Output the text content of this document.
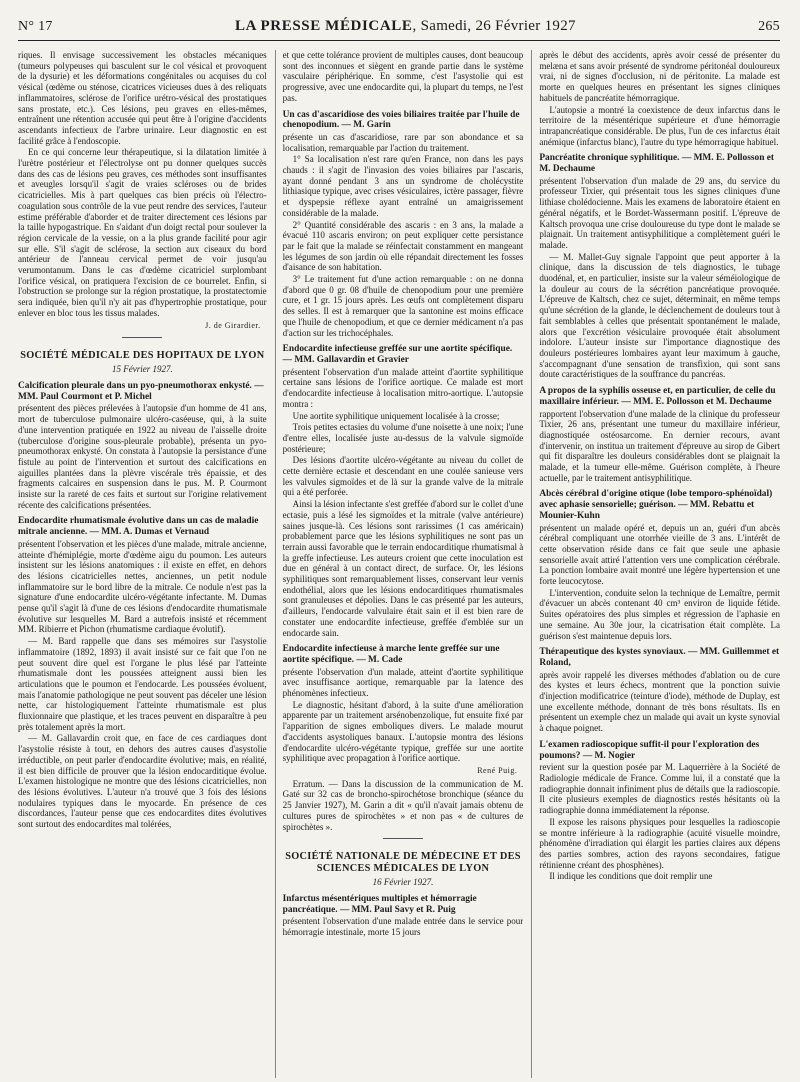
N° 17	LA PRESSE MÉDICALE, Samedi, 26 Février 1927	265

riques. Il envisage successivement les obstacles mécaniques (tumeurs polypeuses qui basculent sur le col vésical et provoquent de la dysurie) et les déformations congénitales ou acquises du col vésical (œdème ou sténose, cicatrices vicieuses dues à des reliquats inflammatoires, sclérose de l'orifice urétro-vésical des prostatiques sans prostate, etc.). Ces lésions, peu graves en elles-mêmes, entraînent une rétention accusée qui peut être à l'origine d'accidents ascendants infectieux de l'arbre urinaire. Leur diagnostic en est facilité grâce à l'endoscopie.

En ce qui concerne leur thérapeutique, si la dilatation limitée à l'urètre postérieur et l'électrolyse ont pu donner quelques succès dans des cas de lésions peu graves, ces méthodes sont insuffisantes et aveugles lorsqu'il s'agit de vraies scléroses ou de brides cicatricielles. Mis à part quelques cas bien précis où l'électro-coagulation sous contrôle de la vue peut rendre des services, l'auteur estime préférable d'aborder et de traiter directement ces lésions par la taille hypogastrique. En s'aidant d'un doigt rectal pour soulever la région cervicale de la vessie, on a la plus grande facilité pour agir sur elle. S'il s'agit de sclérose, la section aux ciseaux du bord antérieur de l'anneau cervical permet de voir jusqu'au verumontanum. Dans le cas d'œdème cicatriciel surplombant l'orifice vésical, on pratiquera l'excision de ce bourrelet. Enfin, si l'obstruction se prolonge sur la région prostatique, la prostatectomie sera indiquée, bien qu'il n'y ait pas d'hypertrophie prostatique, pour enlever en bloc tous les tissus malades.

J. de Girardier.
SOCIÉTÉ MÉDICALE DES HOPITAUX DE LYON
15 Février 1927.
Calcification pleurale dans un pyo-pneumothorax enkysté. — MM. Paul Courmont et P. Michel

présentent des pièces prélevées à l'autopsie d'un homme de 41 ans, mort de tuberculose pulmonaire ulcéro-caséeuse, qui, à la suite d'une intervention pratiquée en 1922 au niveau de l'aisselle droite (tuberculose d'origine sous-pleurale probable), présenta un pyo-pneumothorax enkysté. On constata à l'autopsie la persistance d'une fistule au point de l'intervention et surtout des calcifications en aiguilles plantées dans la plèvre viscérale très épaissie, et des fragments calcaires en suspension dans le pus. M. P. Courmont insiste sur la rareté de ces faits et surtout sur l'origine relativement récente des calcifications présentées.

Endocardite rhumatismale évolutive dans un cas de maladie mitrale ancienne. — MM. A. Dumas et Vernaud

présentent l'observation et les pièces d'une malade, mitrale ancienne, atteinte d'hémiplégie, morte d'œdème aigu du poumon. Les auteurs insistent sur les lésions anatomiques : il existe en effet, en dehors des lésions cicatricielles nettes, anciennes, un petit nodule inflammatoire sur le bord libre de la mitrale. Ce nodule n'est pas la signature d'une endocardite ulcéro-végétante infectante. M. Dumas pense qu'il s'agit là d'une de ces lésions d'endocardite rhumatismale évolutive sur lesquelles M. Bard a autrefois insisté et récemment MM. Ribierre et Pichon (rhumatisme cardiaque évolutif).

— M. Bard rappelle que dans ses mémoires sur l'asystolie inflammatoire (1892, 1893) il avait insisté sur ce fait que l'on ne peut souvent dire quel est l'organe le plus lésé par l'atteinte rhumatismale dont les poussées atteignent aussi bien les articulations que le poumon et l'endocarde. Les poussées évoluent, mais l'anatomie pathologique ne peut souvent pas déceler une lésion nette, car histologiquement l'atteinte rhumatismale est plus fluxionnaire que plastique, et les traces peuvent en disparaître à peu près totalement après la mort.

— M. Gallavardin croit que, en face de ces cardiaques dont l'asystolie résiste à tout, en dehors des autres causes d'asystolie irréductible, on peut parler d'endocardite évolutive; mais, en réalité, il est bien difficile de prouver que la lésion endocarditique évolue. L'examen histologique ne montre que des lésions cicatricielles, non des lésions évolutives. L'auteur n'a trouvé que 3 fois des lésions nodulaires typiques dans le myocarde. En présence de ces discordances, l'auteur pense que ces endocardites dites évolutives sont surtout des endocardites mal tolérées,

et que cette tolérance provient de multiples causes, dont beaucoup sont des inconnues et siègent en grande partie dans le système vasculaire périphérique. En somme, c'est l'asystolie qui est progressive, avec une endocardite qui, la plupart du temps, ne l'est pas.

Un cas d'ascaridiose des voies biliaires traitée par l'huile de chenopodium. — M. Garin

présente un cas d'ascaridiose, rare par son abondance et sa localisation, remarquable par l'action du traitement.

1° Sa localisation n'est rare qu'en France, non dans les pays chauds : il s'agit de l'invasion des voies biliaires par l'ascaris, ayant donné pendant 3 ans un syndrome de cholécystite lithiasique typique, avec crises vésiculaires, ictère passager, fièvre et dyspepsie réflexe ayant entraîné un amaigrissement considérable de la malade.

2° Quantité considérable des ascaris : en 3 ans, la malade a évacué 110 ascaris environ; on peut expliquer cette persistance par le fait que la malade se réinfectait constamment en mangeant les légumes de son jardin où elle répandait directement les fosses d'aisance de son habitation.

3° Le traitement fut d'une action remarquable : on ne donna d'abord que 0 gr. 08 d'huile de chenopodium pour une première cure, et 1 gr. 15 jours après. Les œufs ont complètement disparu des selles. Il est à remarquer que la santonine est moins efficace que l'huile de chenopodium, et que ce dernier médicament n'a pas d'action sur les trichocéphales.

Endocardite infectieuse greffée sur une aortite spécifique. — MM. Gallavardin et Gravier

présentent l'observation d'un malade atteint d'aortite syphilitique certaine sans lésions de l'orifice aortique. Ce malade est mort d'endocardite infectieuse à localisation mitro-aortique. L'autopsie montra :

Une aortite syphilitique uniquement localisée à la crosse;

Trois petites ectasies du volume d'une noisette à une noix; l'une d'entre elles, localisée juste au-dessus de la valvule sigmoïde postérieure;

Des lésions d'aortite ulcéro-végétante au niveau du collet de cette dernière ectasie et descendant en une coulée sanieuse vers les valvules sigmoïdes et de là sur la grande valve de la mitrale qui a été perforée.

Ainsi la lésion infectante s'est greffée d'abord sur le collet d'une ectasie, puis a lésé les sigmoïdes et la mitrale (valve antérieure) saines jusque-là. Ces lésions sont rarissimes (1 cas américain) probablement parce que les lésions syphilitiques ne sont pas un terrain aussi favorable que le terrain endocarditique rhumatismal à la greffe infectieuse. Les auteurs croient que cette inoculation est due en général à un contact direct, de surface. Or, les lésions syphilitiques sont remarquablement lisses, conservant leur vernis endothélial, alors que les lésions endocarditiques rhumatismales sont granuleuses et dépolies. Dans le cas présenté par les auteurs, d'ailleurs, l'endocarde valvulaire était sain et il est bien rare de constater une endocardite infectieuse, greffée d'emblée sur un endocarde sain.

Endocardite infectieuse à marche lente greffée sur une aortite spécifique. — M. Cade

présente l'observation d'un malade, atteint d'aortite syphilitique avec insuffisance aortique, remarquable par la latence des phénomènes infectieux.

Le diagnostic, hésitant d'abord, à la suite d'une amélioration apparente par un traitement arsénobenzolique, fut ensuite fixé par l'apparition de signes emboliques divers. Le malade mourut d'accidents asystoliques banaux. L'autopsie montra des lésions d'endocardite ulcéro-végétante typique, greffée sur une aortite syphilitique avec propagation à l'orifice aortique.

René Puig.

Erratum. — Dans la discussion de la communication de M. Gaté sur 32 cas de broncho-spirochétose bronchique (séance du 25 Janvier 1927), M. Garin a dit « qu'il n'avait jamais obtenu de cultures pures de spirochètes » et non pas « de cultures de spirochètes ».

SOCIÉTÉ NATIONALE DE MÉDECINE ET DES SCIENCES MÉDICALES DE LYON
16 Février 1927.
Infarctus mésentériques multiples et hémorragie pancréatique. — MM. Paul Savy et R. Puig

présentent l'observation d'une malade entrée dans le service pour hémorragie intestinale, morte 15 jours

après le début des accidents, après avoir cessé de présenter du melæna et sans avoir présenté de syndrome péritonéal douloureux vrai, ni de signes d'occlusion, ni de péritonite. La malade est morte en quelques heures en présentant les signes cliniques habituels de pancréatite hémorragique.

L'autopsie a montré la coexistence de deux infarctus dans le territoire de la mésentérique supérieure et d'une hémorragie intrapancréatique considérable. De plus, l'un de ces infarctus était anémique (infarctus blanc), l'autre du type hémorragique habituel.

Pancréatite chronique syphilitique. — MM. E. Pollosson et M. Dechaume

présentent l'observation d'un malade de 29 ans, du service du professeur Tixier, qui présentait tous les signes cliniques d'une lithiase cholédocienne. Mais les examens de laboratoire étaient en général négatifs, et le Bordet-Wassermann positif. L'épreuve de Kaltsch provoqua une crise douloureuse du type dont le malade se plaignait. Un traitement antisyphilitique a complètement guéri le malade.

— M. Mallet-Guy signale l'appoint que peut apporter à la clinique, dans la discussion de tels diagnostics, le tubage duodénal, et, en particulier, insiste sur la valeur séméiologique de la douleur au cours de la sécrétion pancréatique provoquée. L'épreuve de Kaltsch, chez ce sujet, déterminait, en même temps qu'une sécrétion de la glande, le déclenchement de douleurs tout à fait semblables à celles que présentait spontanément le malade, alors que l'excrétion vésiculaire provoquée était absolument indolore. L'auteur insiste sur l'importance diagnostique des douleurs postérieures lombaires ayant leur maximum à gauche, s'accompagnant d'une sensation de transfixion, qui sont sans doute caractéristiques de la souffrance du pancréas.

A propos de la syphilis osseuse et, en particulier, de celle du maxillaire inférieur. — MM. E. Pollosson et M. Dechaume

rapportent l'observation d'une malade de la clinique du professeur Tixier, 26 ans, présentant une tumeur du maxillaire inférieur, diagnostiquée ostéosarcome. En dernier recours, avant d'intervenir, on institua un traitement d'épreuve au sirop de Gibert qui fit disparaître les douleurs considérables dont se plaignait la malade, et la tumeur elle-même. Guérison complète, à l'heure actuelle, par le traitement antisyphilitique.

Abcès cérébral d'origine otique (lobe temporo-sphénoïdal) avec aphasie sensorielle; guérison. — MM. Rebattu et Mounier-Kuhn

présentent un malade opéré et, depuis un an, guéri d'un abcès cérébral compliquant une otorrhée vieille de 3 ans. L'intérêt de cette observation réside dans ce fait que seule une aphasie sensorielle avait attiré l'attention vers une complication cérébrale. La ponction lombaire avait montré une légère hypertension et une forte leucocytose.

L'intervention, conduite selon la technique de Lemaître, permit d'évacuer un abcès contenant 40 cm³ environ de liquide fétide. Suites opératoires des plus simples et régression de l'aphasie en une semaine. Au 30e jour, la cicatrisation était complète. La guérison s'est maintenue depuis lors.

Thérapeutique des kystes synoviaux. — MM. Guillemmet et Roland,

après avoir rappelé les diverses méthodes d'ablation ou de cure des kystes et leurs échecs, montrent que la ponction suivie d'injection modificatrice (teinture d'iode), méthode de Duplay, est une excellente méthode, donnant de très bons résultats. Ils en présentent un exemple chez un malade qui avait un kyste synovial à chaque poignet.

L'examen radioscopique suffit-il pour l'exploration des poumons? — M. Nogier

revient sur la question posée par M. Laquerrière à la Société de Radiologie médicale de France. Comme lui, il a constaté que la radiographie donnait infiniment plus de détails que la radioscopie. Il cite plusieurs exemples de diagnostics restés hésitants où la radiographie donna immédiatement la réponse.

Il expose les raisons physiques pour lesquelles la radioscopie se montre inférieure à la radiographie (acuité visuelle moindre, phénomène d'irradiation qui élargit les parties claires aux dépens des parties sombres, action des rayons secondaires, fatigue rétinienne créant des phosphènes).

Il indique les conditions que doit remplir une
